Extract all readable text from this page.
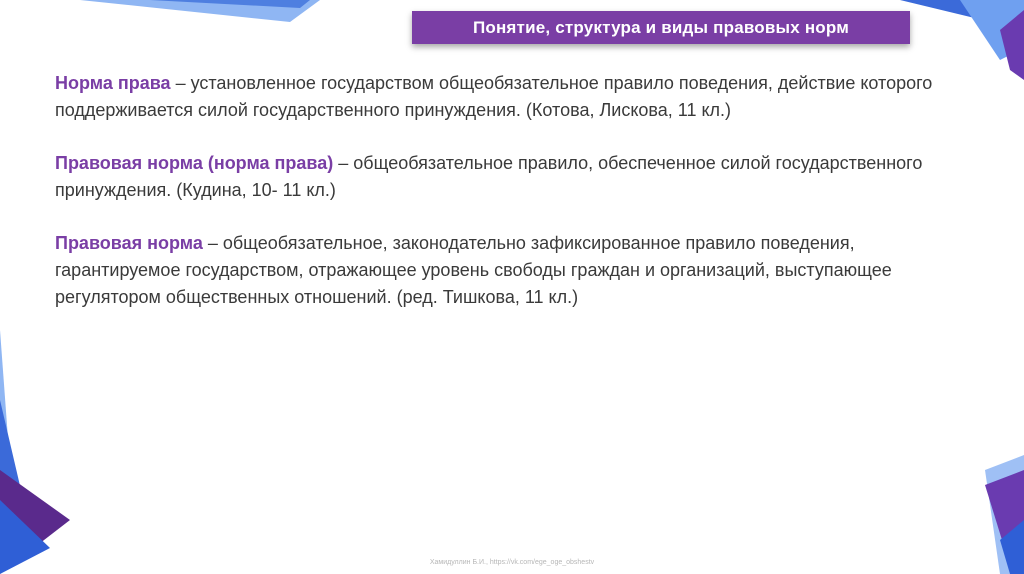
Понятие, структура и виды правовых норм

Норма права – установленное государством общеобязательное правило поведения, действие которого поддерживается силой государственного принуждения. (Котова, Лискова, 11 кл.)

Правовая норма (норма права) – общеобязательное правило, обеспеченное силой государственного принуждения. (Кудина, 10- 11 кл.)

Правовая норма – общеобязательное, законодательно зафиксированное правило поведения, гарантируемое государством, отражающее уровень свободы граждан и организаций, выступающее регулятором общественных отношений. (ред. Тишкова, 11 кл.)

Хамидуллин Б.И., https://vk.com/ege_oge_obshestv
